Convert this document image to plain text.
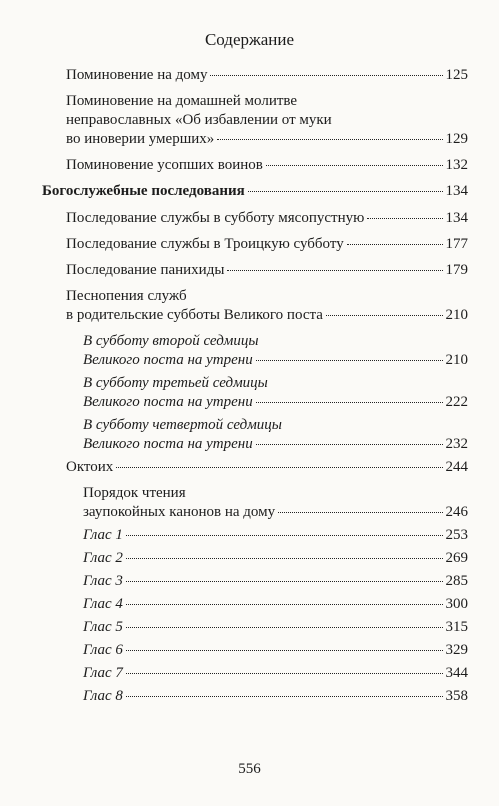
Содержание
Поминовение на дому	125
Поминовение на домашней молитве
неправославных «Об избавлении от муки
во иноверии умерших»	129
Поминовение усопших воинов	132
Богослужебные последования	134
Последование службы в субботу мясопустную	134
Последование службы в Троицкую субботу	177
Последование панихиды	179
Песнопения служб
в родительские субботы Великого поста	210
В субботу второй седмицы
Великого поста на утрени	210
В субботу третьей седмицы
Великого поста на утрени	222
В субботу четвертой седмицы
Великого поста на утрени	232
Октоих	244
Порядок чтения
заупокойных канонов на дому	246
Глас 1	253
Глас 2	269
Глас 3	285
Глас 4	300
Глас 5	315
Глас 6	329
Глас 7	344
Глас 8	358
556
